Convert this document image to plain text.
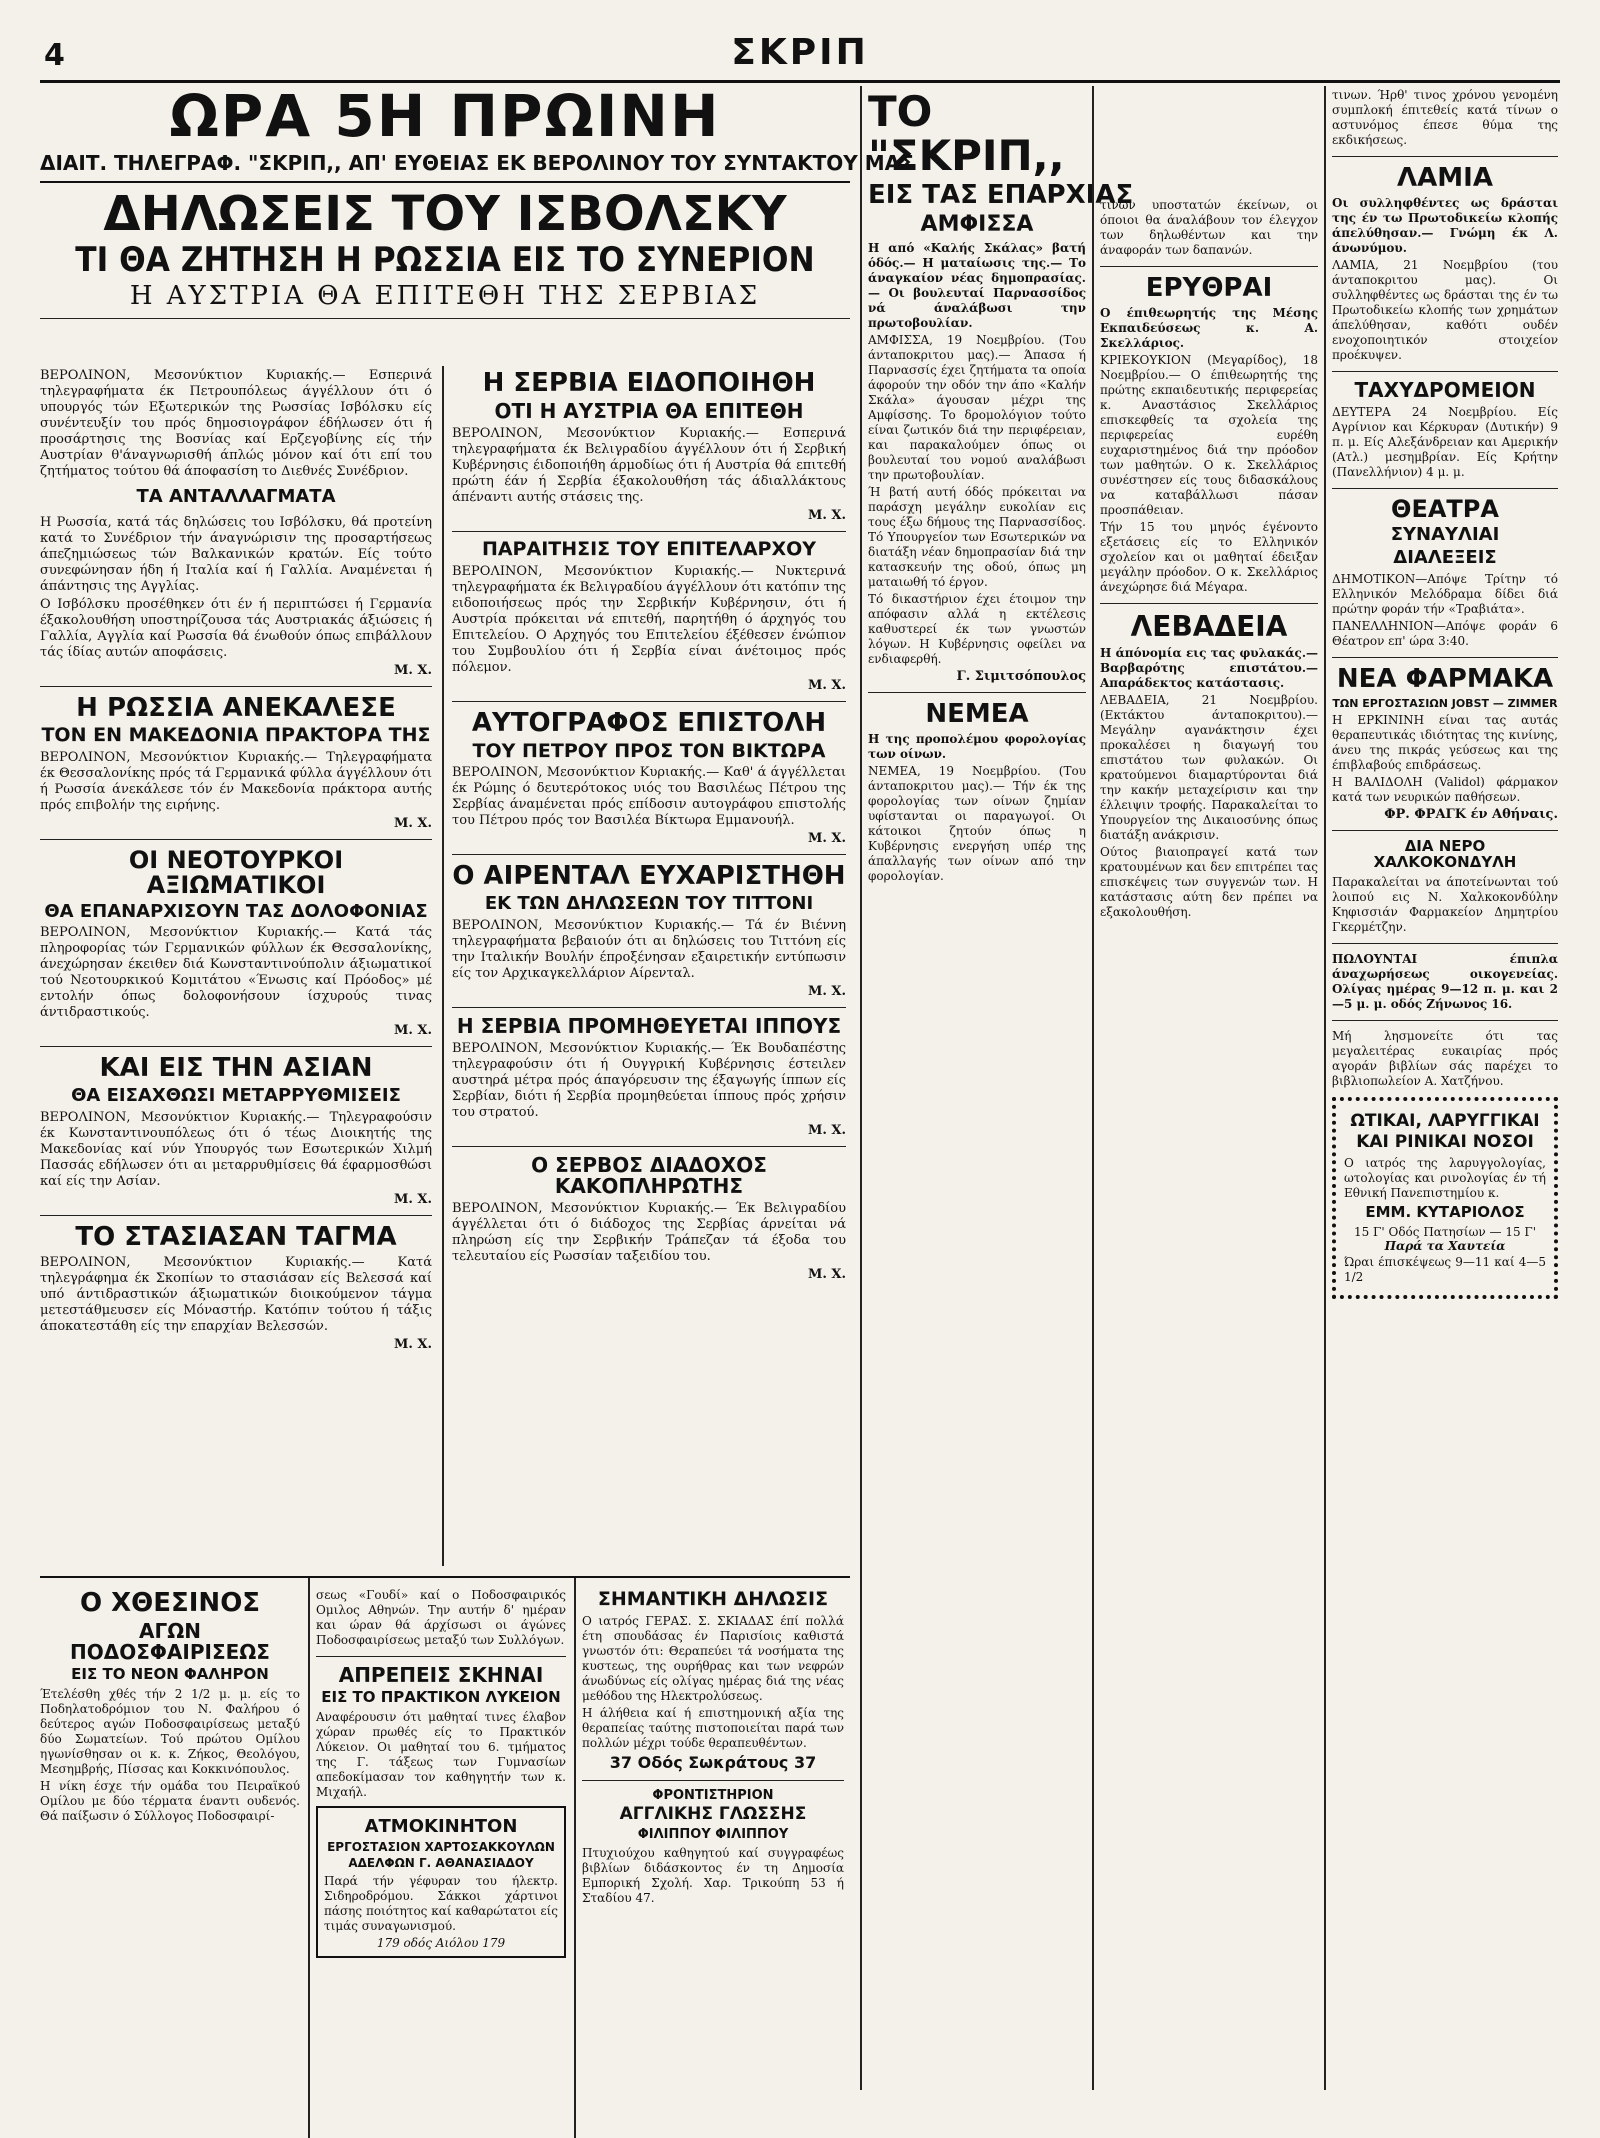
4	ΣΚΡΙΠ
ΩΡΑ 5Η ΠΡΩΙΝΗ
ΔΙΑΙΤ. ΤΗΛΕΓΡΑΦ. "ΣΚΡΙΠ,, ΑΠ' ΕΥΘΕΙΑΣ ΕΚ ΒΕΡΟΛΙΝΟΥ ΤΟΥ ΣΥΝΤΑΚΤΟΥ ΜΑΣ
ΔΗΛΩΣΕΙΣ ΤΟΥ ΙΣΒΟΛΣΚΥ
ΤΙ ΘΑ ΖΗΤΗΣΗ Η ΡΩΣΣΙΑ ΕΙΣ ΤΟ ΣΥΝΕΡΙΟΝ
Η ΑΥΣΤΡΙΑ ΘΑ ΕΠΙΤΕΘΗ ΤΗΣ ΣΕΡΒΙΑΣ

ΒΕΡΟΛΙΝΟΝ, Μεσονύκτιον Κυριακής.— Εσπερινά τηλεγραφήματα έκ Πετρουπόλεως άγγέλλουν ότι ό υπουργός τών Εξωτερικών της Ρωσσίας Ισβόλσκυ είς συνέντευξίν του πρός δημοσιογράφον έδήλωσεν ότι ή προσάρτησις της Βοσνίας καί Ερζεγοβίνης είς τήν Αυστρίαν θ'άναγνωρισθή άπλώς μόνον καί ότι επί του ζητήματος τούτου θά άποφασίση το Διεθνές Συνέδριον.

ΤΑ ΑΝΤΑΛΛΑΓΜΑΤΑ

Η Ρωσσία, κατά τάς δηλώσεις του Ισβόλσκυ, θά προτείνη κατά το Συνέδριον τήν άναγνώρισιν της προσαρτήσεως άπεζημιώσεως τών Βαλκανικών κρατών. Είς τούτο συνεφώνησαν ήδη ή Ιταλία καί ή Γαλλία. Αναμένεται ή άπάντησις της Αγγλίας.

Ο Ισβόλσκυ προσέθηκεν ότι έν ή περιπτώσει ή Γερμανία έξακολουθήση υποστηρίζουσα τάς Αυστριακάς άξιώσεις ή Γαλλία, Αγγλία καί Ρωσσία θά ένωθούν όπως επιβάλλουν τάς ίδίας αυτών αποφάσεις.

Μ. Χ.
Η ΡΩΣΣΙΑ ΑΝΕΚΑΛΕΣΕ
ΤΟΝ ΕΝ ΜΑΚΕΔΟΝΙΑ ΠΡΑΚΤΟΡΑ ΤΗΣ

ΒΕΡΟΛΙΝΟΝ, Μεσονύκτιον Κυριακής.— Τηλεγραφήματα έκ Θεσσαλονίκης πρός τά Γερμανικά φύλλα άγγέλλουν ότι ή Ρωσσία άνεκάλεσε τόν έν Μακεδονία πράκτορα αυτής πρός επιβολήν της ειρήνης.

Μ. Χ.
ΟΙ ΝΕΟΤΟΥΡΚΟΙ ΑΞΙΩΜΑΤΙΚΟΙ
ΘΑ ΕΠΑΝΑΡΧΙΣΟΥΝ ΤΑΣ ΔΟΛΟΦΟΝΙΑΣ

ΒΕΡΟΛΙΝΟΝ, Μεσονύκτιον Κυριακής.— Κατά τάς πληροφορίας τών Γερμανικών φύλλων έκ Θεσσαλονίκης, άνεχώρησαν έκειθεν διά Κωνσταντινούπολιν άξιωματικοί τού Νεοτουρκικού Κομιτάτου «Ένωσις καί Πρόοδος» μέ εντολήν όπως δολοφονήσουν ίσχυρούς τινας άντιδραστικούς.

Μ. Χ.
ΚΑΙ ΕΙΣ ΤΗΝ ΑΣΙΑΝ
ΘΑ ΕΙΣΑΧΘΩΣΙ ΜΕΤΑΡΡΥΘΜΙΣΕΙΣ

ΒΕΡΟΛΙΝΟΝ, Μεσονύκτιον Κυριακής.— Τηλεγραφούσιν έκ Κωνσταντινουπόλεως ότι ό τέως Διοικητής της Μακεδονίας καί νύν Υπουργός των Εσωτερικών Χιλμή Πασσάς εδήλωσεν ότι αι μεταρρυθμίσεις θά έφαρμοσθώσι καί είς την Ασίαν.

Μ. Χ.
ΤΟ ΣΤΑΣΙΑΣΑΝ ΤΑΓΜΑ

ΒΕΡΟΛΙΝΟΝ, Μεσονύκτιον Κυριακής.— Κατά τηλεγράφημα έκ Σκοπίων το στασιάσαν είς Βελεσσά καί υπό άντιδραστικών άξιωματικών διοικούμενον τάγμα μετεστάθμευσεν είς Μόναστήρ. Κατόπιν τούτου ή τάξις άποκατεστάθη είς την επαρχίαν Βελεσσών.

Μ. Χ.
Η ΣΕΡΒΙΑ ΕΙΔΟΠΟΙΗΘΗ
ΟΤΙ Η ΑΥΣΤΡΙΑ ΘΑ ΕΠΙΤΕΘΗ

ΒΕΡΟΛΙΝΟΝ, Μεσονύκτιον Κυριακής.— Εσπερινά τηλεγραφήματα έκ Βελιγραδίου άγγέλλουν ότι ή Σερβική Κυβέρνησις έιδοποιήθη άρμοδίως ότι ή Αυστρία θά επιτεθή πρώτη έάν ή Σερβία έξακολουθήση τάς άδιαλλάκτους άπέναντι αυτής στάσεις της.

Μ. Χ.
ΠΑΡΑΙΤΗΣΙΣ ΤΟΥ ΕΠΙΤΕΛΑΡΧΟΥ

ΒΕΡΟΛΙΝΟΝ, Μεσονύκτιον Κυριακής.— Νυκτερινά τηλεγραφήματα έκ Βελιγραδίου άγγέλλουν ότι κατόπιν της ειδοποιήσεως πρός την Σερβικήν Κυβέρνησιν, ότι ή Αυστρία πρόκειται νά επιτεθή, παρητήθη ό άρχηγός του Επιτελείου. Ο Αρχηγός του Επιτελείου έξέθεσεν ένώπιον του Συμβουλίου ότι ή Σερβία είναι άνέτοιμος πρός πόλεμον.

Μ. Χ.
ΑΥΤΟΓΡΑΦΟΣ ΕΠΙΣΤΟΛΗ
ΤΟΥ ΠΕΤΡΟΥ ΠΡΟΣ ΤΟΝ ΒΙΚΤΩΡΑ

ΒΕΡΟΛΙΝΟΝ, Μεσονύκτιον Κυριακής.— Καθ' ά άγγέλλεται έκ Ρώμης ό δευτερότοκος υιός του Βασιλέως Πέτρου της Σερβίας άναμένεται πρός επίδοσιν αυτογράφου επιστολής του Πέτρου πρός τον Βασιλέα Βίκτωρα Εμμανουήλ.

Μ. Χ.
Ο ΑΙΡΕΝΤΑΛ ΕΥΧΑΡΙΣΤΗΘΗ
ΕΚ ΤΩΝ ΔΗΛΩΣΕΩΝ ΤΟΥ ΤΙΤΤΟΝΙ

ΒΕΡΟΛΙΝΟΝ, Μεσονύκτιον Κυριακής.— Τά έν Βιέννη τηλεγραφήματα βεβαιούν ότι αι δηλώσεις του Τιττόνη είς την Ιταλικήν Βουλήν έπροξένησαν εξαιρετικήν εντύπωσιν είς τον Αρχικαγκελλάριον Αίρενταλ.

Μ. Χ.
Η ΣΕΡΒΙΑ ΠΡΟΜΗΘΕΥΕΤΑΙ ΙΠΠΟΥΣ

ΒΕΡΟΛΙΝΟΝ, Μεσονύκτιον Κυριακής.— Έκ Βουδαπέστης τηλεγραφούσιν ότι ή Ουγγρική Κυβέρνησις έστειλεν αυστηρά μέτρα πρός άπαγόρευσιν της έξαγωγής ίππων είς Σερβίαν, διότι ή Σερβία προμηθεύεται ίππους πρός χρήσιν του στρατού.

Μ. Χ.
Ο ΣΕΡΒΟΣ ΔΙΑΔΟΧΟΣ ΚΑΚΟΠΛΗΡΩΤΗΣ

ΒΕΡΟΛΙΝΟΝ, Μεσονύκτιον Κυριακής.— Έκ Βελιγραδίου άγγέλλεται ότι ό διάδοχος της Σερβίας άρνείται νά πληρώση είς την Σερβικήν Τράπεζαν τά έξοδα του τελευταίου είς Ρωσσίαν ταξειδίου του.

Μ. Χ.
Ο ΧΘΕΣΙΝΟΣ
ΑΓΩΝ ΠΟΔΟΣΦΑΙΡΙΣΕΩΣ
ΕΙΣ ΤΟ ΝΕΟΝ ΦΑΛΗΡΟΝ

Έτελέσθη χθές τήν 2 1/2 μ. μ. είς το Ποδηλατοδρόμιον του Ν. Φαλήρου ό δεύτερος αγών Ποδοσφαιρίσεως μεταξύ δύο Σωματείων. Τού πρώτου Ομίλου ηγωνίσθησαν οι κ. κ. Ζήκος, Θεολόγου, Μεσημβρής, Πίσσας και Κοκκινόπουλος.

Η νίκη έσχε τήν ομάδα του Πειραϊκού Ομίλου με δύο τέρματα έναντι ουδενός. Θά παίξωσιν ό Σύλλογος Ποδοσφαιρί-

σεως «Γουδί» καί ο Ποδοσφαιρικός Ομιλος Αθηνών. Την αυτήν δ' ημέραν και ώραν θά άρχίσωσι οι άγώνες Ποδοσφαιρίσεως μεταξύ των Συλλόγων.

ΑΠΡΕΠΕΙΣ ΣΚΗΝΑΙ
ΕΙΣ ΤΟ ΠΡΑΚΤΙΚΟΝ ΛΥΚΕΙΟΝ

Αναφέρουσιν ότι μαθηταί τινες έλαβον χώραν πρωθές είς το Πρακτικόν Λύκειον. Οι μαθηταί του 6. τμήματος της Γ. τάξεως των Γυμνασίων απεδοκίμασαν τον καθηγητήν των κ. Μιχαήλ.

ΑΤΜΟΚΙΝΗΤΟΝ
ΕΡΓΟΣΤΑΣΙΟΝ ΧΑΡΤΟΣΑΚΚΟΥΛΩΝ
ΑΔΕΛΦΩΝ Γ. ΑΘΑΝΑΣΙΑΔΟΥ

Παρά τήν γέφυραν του ήλεκτρ. Σιδηροδρόμου. Σάκκοι χάρτινοι πάσης ποιότητος καί καθαρώτατοι είς τιμάς συναγωνισμού.

179 οδός Αιόλου 179
ΣΗΜΑΝΤΙΚΗ ΔΗΛΩΣΙΣ

Ο ιατρός ΓΕΡΑΣ. Σ. ΣΚΙΑΔΑΣ έπί πολλά έτη σπουδάσας έν Παρισίοις καθιστά γνωστόν ότι: Θεραπεύει τά νοσήματα της κυστεως, της ουρήθρας και των νεφρών άνωδύνως είς ολίγας ημέρας διά της νέας μεθόδου της Ηλεκτρολύσεως.

Η άλήθεια καί ή επιστημονική αξία της θεραπείας ταύτης πιστοποιείται παρά των πολλών μέχρι τούδε θεραπευθέντων.

37 Οδός Σωκράτους 37
ΦΡΟΝΤΙΣΤΗΡΙΟΝ
ΑΓΓΛΙΚΗΣ ΓΛΩΣΣΗΣ
ΦΙΛΙΠΠΟΥ ΦΙΛΙΠΠΟΥ

Πτυχιούχου καθηγητού καί συγγραφέως βιβλίων διδάσκοντος έν τη Δημοσία Εμπορική Σχολή. Χαρ. Τρικούπη 53 ή Σταδίου 47.

ΤΟ "ΣΚΡΙΠ,,
ΕΙΣ ΤΑΣ ΕΠΑΡΧΙΑΣ
ΑΜΦΙΣΣΑ

Η από «Καλής Σκάλας» βατή όδός.— Η ματαίωσις της.— Το άναγκαίον νέας δημοπρασίας.— Οι βουλευταί Παρνασσίδος νά άναλάβωσι την πρωτοβουλίαν.

ΑΜΦΙΣΣΑ, 19 Νοεμβρίου. (Του άνταποκριτου μας).— Άπασα ή Παρνασσίς έχει ζητήματα τα οποία άφορούν την οδόν την άπο «Καλήν Σκάλα» άγουσαν μέχρι της Αμφίσσης. Το δρομολόγιον τούτο είναι ζωτικόν διά την περιφέρειαν, και παρακαλούμεν όπως οι βουλευταί του νομού αναλάβωσι την πρωτοβουλίαν.

Ή βατή αυτή όδός πρόκειται να παράσχη μεγάλην ευκολίαν εις τους έξω δήμους της Παρνασσίδος. Τό Υπουργείον των Εσωτερικών να διατάξη νέαν δημοπρασίαν διά την κατασκευήν της οδού, όπως μη ματαιωθή τό έργον.

Τό δικαστήριον έχει έτοιμον την απόφασιν αλλά η εκτέλεσις καθυστερεί έκ των γνωστών λόγων. Η Κυβέρνησις οφείλει να ενδιαφερθή.

Γ. Σιμιτσόπουλος
ΝΕΜΕΑ

Η της προπολέμου φορολογίας των οίνων.

ΝΕΜΕΑ, 19 Νοεμβρίου. (Του άνταποκριτου μας).— Τήν έκ της φορολογίας των οίνων ζημίαν υφίστανται οι παραγωγοί. Οι κάτοικοι ζητούν όπως η Κυβέρνησις ενεργήση υπέρ της άπαλλαγής των οίνων από την φορολογίαν.

τινων υποστατών έκείνων, οι όποιοι θα άναλάβουν τον έλεγχον των δηλωθέντων και την άναφοράν των δαπανών.

ΕΡΥΘΡΑΙ

Ο έπιθεωρητής της Μέσης Εκπαιδεύσεως κ. Α. Σκελλάριος.

ΚΡΙΕΚΟΥΚΙΟΝ (Μεγαρίδος), 18 Νοεμβρίου.— Ο έπιθεωρητής της πρώτης εκπαιδευτικής περιφερείας κ. Αναστάσιος Σκελλάριος επισκεφθείς τα σχολεία της περιφερείας ευρέθη ευχαριστημένος διά την πρόοδον των μαθητών. Ο κ. Σκελλάριος συνέστησεν είς τους διδασκάλους να καταβάλλωσι πάσαν προσπάθειαν.

Τήν 15 του μηνός έγένοντο εξετάσεις είς το Ελληνικόν σχολείον και οι μαθηταί έδειξαν μεγάλην πρόοδον. Ο κ. Σκελλάριος άνεχώρησε διά Μέγαρα.

ΛΕΒΑΔΕΙΑ

Η άπόνομία εις τας φυλακάς.— Βαρβαρότης επιστάτου.— Απαράδεκτος κατάστασις.

ΛΕΒΑΔΕΙΑ, 21 Νοεμβρίου. (Εκτάκτου άνταποκριτου).— Μεγάλην αγανάκτησιν έχει προκαλέσει η διαγωγή του επιστάτου των φυλακών. Οι κρατούμενοι διαμαρτύρονται διά την κακήν μεταχείρισιν και την έλλειψιν τροφής. Παρακαλείται το Υπουργείον της Δικαιοσύνης όπως διατάξη ανάκρισιν.

Ούτος βιαιοπραγεί κατά των κρατουμένων και δεν επιτρέπει τας επισκέψεις των συγγενών των. Η κατάστασις αύτη δεν πρέπει να εξακολουθήση.

τινων. Ήρθ' τινος χρόνου γενομένη συμπλοκή έπιτεθείς κατά τίνων ο αστυνόμος έπεσε θύμα της εκδικήσεως.

ΛΑΜΙΑ

Οι συλληφθέντες ως δράσται της έν τω Πρωτοδικείω κλοπής άπελύθησαν.— Γνώμη έκ Λ. άνωνύμου.

ΛΑΜΙΑ, 21 Νοεμβρίου (του άνταποκριτου μας). Οι συλληφθέντες ως δράσται της έν τω Πρωτοδικείω κλοπής των χρημάτων άπελύθησαν, καθότι ουδέν ενοχοποιητικόν στοιχείον προέκυψεν.

ΤΑΧΥΔΡΟΜΕΙΟΝ

ΔΕΥΤΕΡΑ 24 Νοεμβρίου. Είς Αγρίνιον και Κέρκυραν (Δυτικήν) 9 π. μ. Είς Αλεξάνδρειαν και Αμερικήν (Ατλ.) μεσημβρίαν. Είς Κρήτην (Πανελλήνιον) 4 μ. μ.

ΘΕΑΤΡΑ
ΣΥΝΑΥΛΙΑΙ
ΔΙΑΛΕΞΕΙΣ

ΔΗΜΟΤΙΚΟΝ—Απόψε Τρίτην τό Ελληνικόν Μελόδραμα δίδει διά πρώτην φοράν τήν «Τραβιάτα».

ΠΑΝΕΛΛΗΝΙΟΝ—Απόψε φοράν 6 Θέατρον επ' ώρα 3:40.

ΝΕΑ ΦΑΡΜΑΚΑ
ΤΩΝ ΕΡΓΟΣΤΑΣΙΩΝ JOBST — ZIMMER

Η ΕΡΚΙΝΙΝΗ είναι τας αυτάς θεραπευτικάς ιδιότητας της κινίνης, άνευ της πικράς γεύσεως και της έπιβλαβούς επιδράσεως.

Η ΒΑΛΙΔΟΛΗ (Validol) φάρμακον κατά των νευρικών παθήσεων.

ΦΡ. ΦΡΑΓΚ έν Αθήναις.
ΔΙΑ ΝΕΡΟ ΧΑΛΚΟΚΟΝΔΥΛΗ

Παρακαλείται να άποτείνωνται τού λοιπού εις Ν. Χαλκοκονδύλην Κηφισσιάν Φαρμακείον Δημητρίου Γκερμέτζην.

ΠΩΛΟΥΝΤΑΙ έπιπλα άναχωρήσεως οικογενείας. Ολίγας ημέρας 9—12 π. μ. και 2—5 μ. μ. οδός Ζήνωνος 16.

Μή λησμονείτε ότι τας μεγαλειτέρας ευκαιρίας πρός αγοράν βιβλίων σάς παρέχει το βιβλιοπωλείον Α. Χατζήνου.

ΩΤΙΚΑΙ, ΛΑΡΥΓΓΙΚΑΙ
ΚΑΙ ΡΙΝΙΚΑΙ ΝΟΣΟΙ

Ο ιατρός της λαρυγγολογίας, ωτολογίας και ρινολογίας έν τή Εθνική Πανεπιστημίου κ.

ΕΜΜ. ΚΥΤΑΡΙΟΛΟΣ
15 Γ' Οδός Πατησίων — 15 Γ'
Παρά τα Χαυτεία

Ώραι έπισκέψεως 9—11 καί 4—5 1/2
